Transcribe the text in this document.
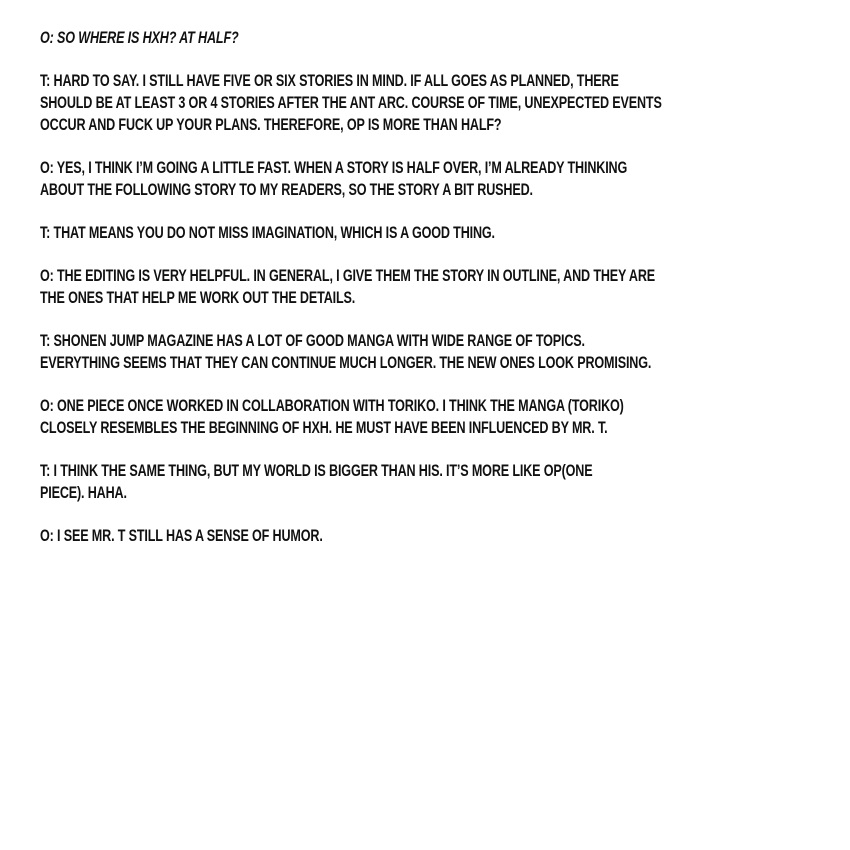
O: SO WHERE IS HXH? AT HALF?
T: HARD TO SAY. I STILL HAVE FIVE OR SIX STORIES IN MIND. IF ALL GOES AS PLANNED, THERE
SHOULD BE AT LEAST 3 OR 4 STORIES AFTER THE ANT ARC. COURSE OF TIME, UNEXPECTED EVENTS
OCCUR AND FUCK UP YOUR PLANS. THEREFORE, OP IS MORE THAN HALF?
O: YES, I THINK I’M GOING A LITTLE FAST. WHEN A STORY IS HALF OVER, I’M ALREADY THINKING
ABOUT THE FOLLOWING STORY TO MY READERS, SO THE STORY A BIT RUSHED.
T: THAT MEANS YOU DO NOT MISS IMAGINATION, WHICH IS A GOOD THING.
O: THE EDITING IS VERY HELPFUL. IN GENERAL, I GIVE THEM THE STORY IN OUTLINE, AND THEY ARE
THE ONES THAT HELP ME WORK OUT THE DETAILS.
T: SHONEN JUMP MAGAZINE HAS A LOT OF GOOD MANGA WITH WIDE RANGE OF TOPICS.
EVERYTHING SEEMS THAT THEY CAN CONTINUE MUCH LONGER. THE NEW ONES LOOK PROMISING.
O: ONE PIECE ONCE WORKED IN COLLABORATION WITH TORIKO. I THINK THE MANGA (TORIKO)
CLOSELY RESEMBLES THE BEGINNING OF HXH. HE MUST HAVE BEEN INFLUENCED BY MR. T.
T: I THINK THE SAME THING, BUT MY WORLD IS BIGGER THAN HIS. IT’S MORE LIKE OP(ONE
PIECE). HAHA.
O: I SEE MR. T STILL HAS A SENSE OF HUMOR.
